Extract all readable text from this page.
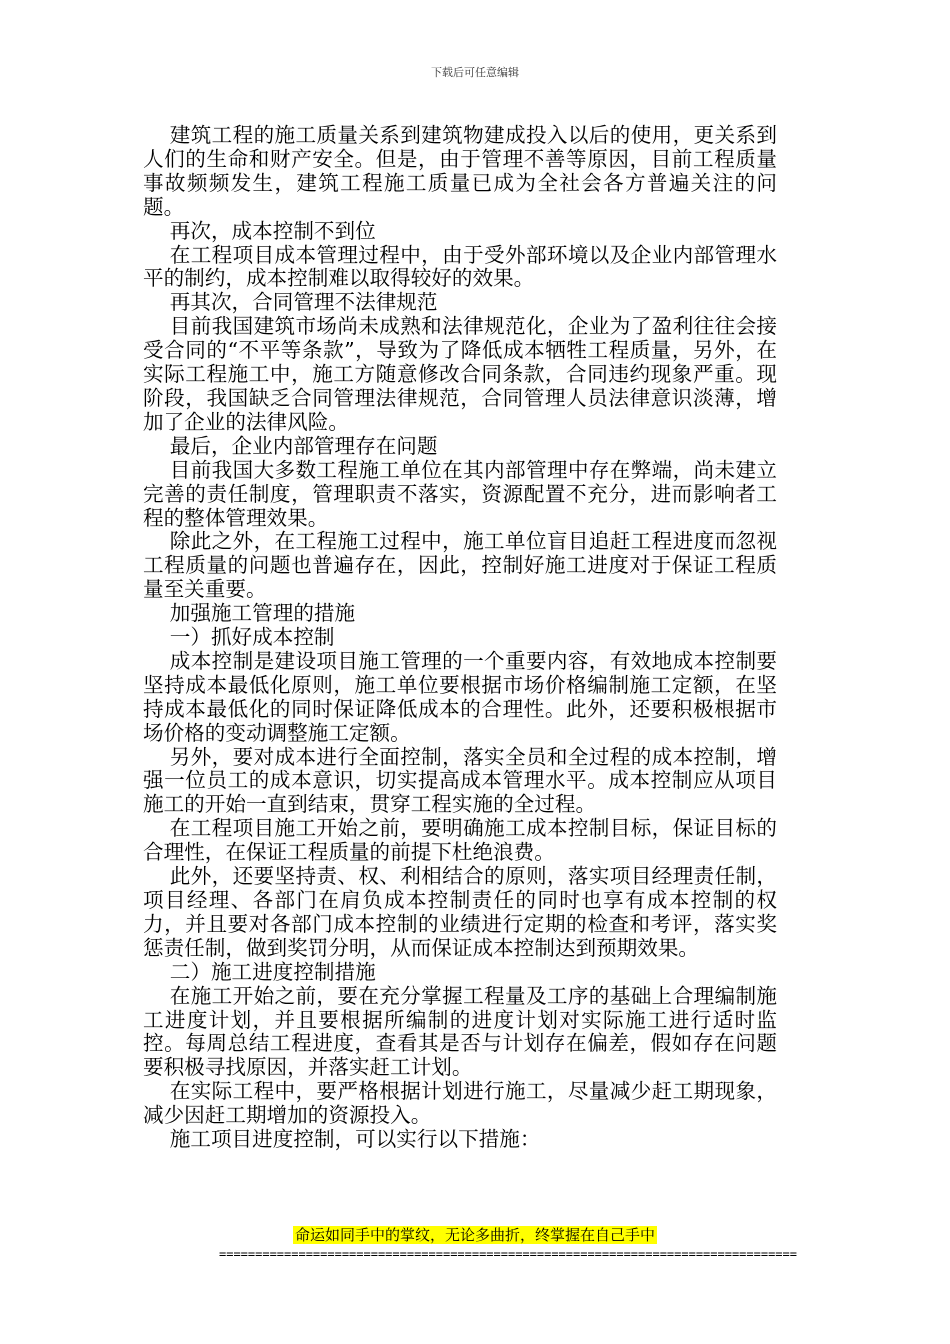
下载后可任意编辑

建筑工程的施工质量关系到建筑物建成投入以后的使用，更关系到人们的生命和财产安全。但是，由于管理不善等原因，目前工程质量事故频频发生，建筑工程施工质量已成为全社会各方普遍关注的问题。

再次，成本控制不到位

在工程项目成本管理过程中，由于受外部环境以及企业内部管理水平的制约，成本控制难以取得较好的效果。

再其次，合同管理不法律规范

目前我国建筑市场尚未成熟和法律规范化，企业为了盈利往往会接受合同的“不平等条款”，导致为了降低成本牺牲工程质量，另外，在实际工程施工中，施工方随意修改合同条款，合同违约现象严重。现阶段，我国缺乏合同管理法律规范，合同管理人员法律意识淡薄，增加了企业的法律风险。

最后，企业内部管理存在问题

目前我国大多数工程施工单位在其内部管理中存在弊端，尚未建立完善的责任制度，管理职责不落实，资源配置不充分，进而影响者工程的整体管理效果。

除此之外，在工程施工过程中，施工单位盲目追赶工程进度而忽视工程质量的问题也普遍存在，因此，控制好施工进度对于保证工程质量至关重要。

加强施工管理的措施

一）抓好成本控制

成本控制是建设项目施工管理的一个重要内容，有效地成本控制要坚持成本最低化原则，施工单位要根据市场价格编制施工定额，在坚持成本最低化的同时保证降低成本的合理性。此外，还要积极根据市场价格的变动调整施工定额。

另外，要对成本进行全面控制，落实全员和全过程的成本控制，增强一位员工的成本意识，切实提高成本管理水平。成本控制应从项目施工的开始一直到结束，贯穿工程实施的全过程。

在工程项目施工开始之前，要明确施工成本控制目标，保证目标的合理性，在保证工程质量的前提下杜绝浪费。

此外，还要坚持责、权、利相结合的原则，落实项目经理责任制，项目经理、各部门在肩负成本控制责任的同时也享有成本控制的权力，并且要对各部门成本控制的业绩进行定期的检查和考评，落实奖惩责任制，做到奖罚分明，从而保证成本控制达到预期效果。

二）施工进度控制措施

在施工开始之前，要在充分掌握工程量及工序的基础上合理编制施工进度计划，并且要根据所编制的进度计划对实际施工进行适时监控。每周总结工程进度，查看其是否与计划存在偏差，假如存在问题要积极寻找原因，并落实赶工计划。

在实际工程中，要严格根据计划进行施工，尽量减少赶工期现象，减少因赶工期增加的资源投入。

施工项目进度控制，可以实行以下措施：

命运如同手中的掌纹，无论多曲折，终掌握在自己手中
================================================================================
